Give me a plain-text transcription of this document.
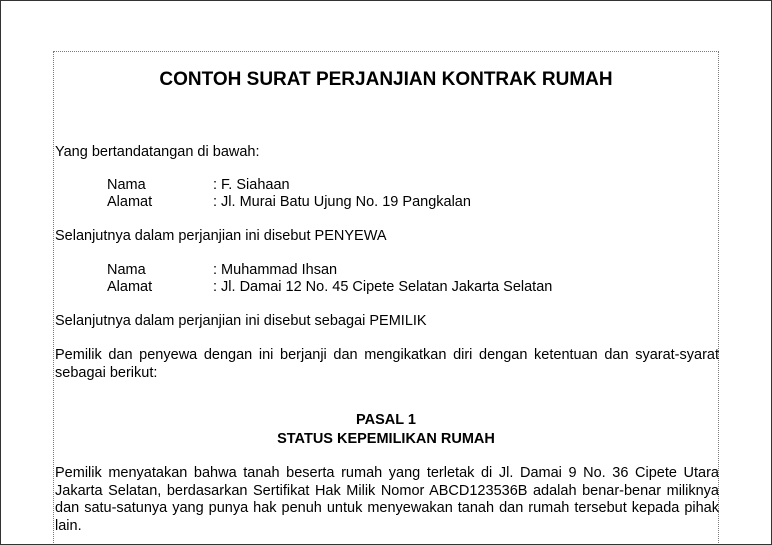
CONTOH SURAT PERJANJIAN KONTRAK RUMAH
Yang bertandatangan di bawah:
Nama	: F. Siahaan
Alamat	: Jl. Murai Batu Ujung No. 19 Pangkalan
Selanjutnya dalam perjanjian ini disebut PENYEWA
Nama	: Muhammad Ihsan
Alamat	: Jl. Damai 12 No. 45 Cipete Selatan Jakarta Selatan
Selanjutnya dalam perjanjian ini disebut sebagai PEMILIK
Pemilik dan penyewa dengan ini berjanji dan mengikatkan diri dengan ketentuan dan syarat-syarat sebagai berikut:
PASAL 1
STATUS KEPEMILIKAN RUMAH
Pemilik menyatakan bahwa tanah beserta rumah yang terletak di Jl. Damai 9 No. 36 Cipete Utara Jakarta Selatan, berdasarkan Sertifikat Hak Milik Nomor ABCD123536B adalah benar-benar miliknya dan satu-satunya yang punya hak penuh untuk menyewakan tanah dan rumah tersebut kepada pihak lain.
